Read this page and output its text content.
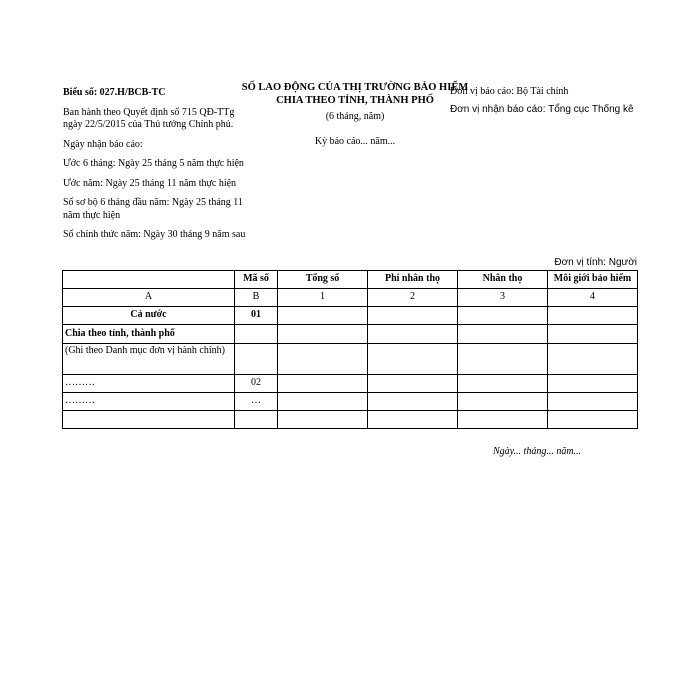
Biểu số: 027.H/BCB-TC
Ban hành theo Quyết định số 715 QĐ-TTg ngày 22/5/2015 của Thủ tướng Chính phủ.
Ngày nhận báo cáo:
Ước 6 tháng: Ngày 25 tháng 5 năm thực hiện
Ước năm: Ngày 25 tháng 11 năm thực hiện
Số sơ bộ 6 tháng đầu năm: Ngày 25 tháng 11 năm thực hiện
Số chính thức năm: Ngày 30 tháng 9 năm sau
SỐ LAO ĐỘNG CỦA THỊ TRƯỜNG BẢO HIỂM CHIA THEO TỈNH, THÀNH PHỐ
(6 tháng, năm)
Kỳ báo cáo... năm...
Đơn vị báo cáo: Bộ Tài chính
Đơn vị nhận báo cáo: Tổng cục Thống kê
Đơn vị tính: Người
	Mã số	Tổng số	Phi nhân thọ	Nhân thọ	Môi giới bảo hiểm
A	B	1	2	3	4
Cả nước	01				
Chia theo tỉnh, thành phố					
(Ghi theo Danh mục đơn vị hành chính)					
………	02				
………	…				

Ngày... tháng... năm...
